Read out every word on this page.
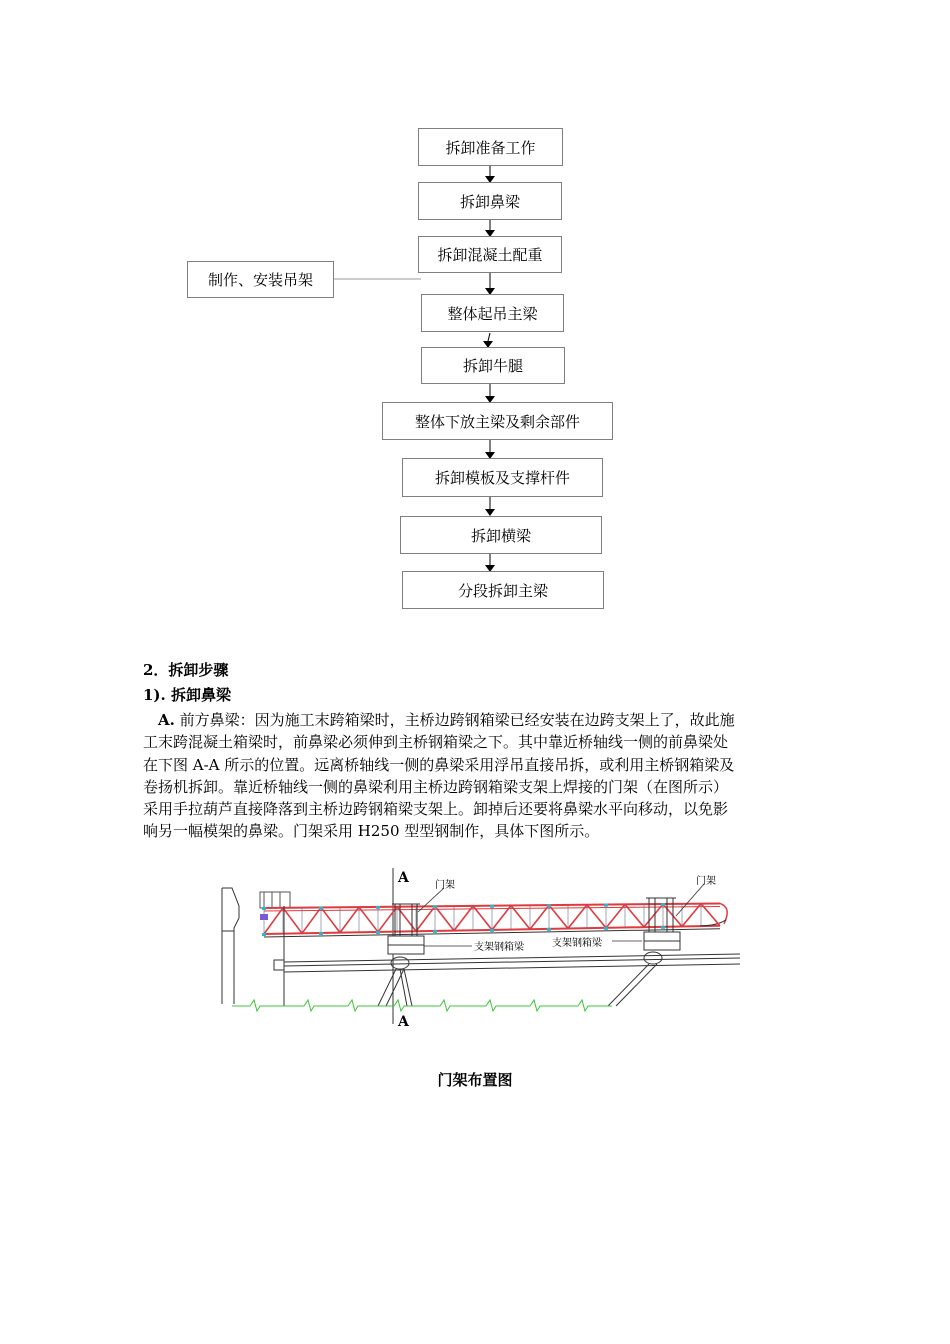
拆卸准备工作
拆卸鼻梁
拆卸混凝土配重
制作、安装吊架
整体起吊主梁
拆卸牛腿
整体下放主梁及剩余部件
拆卸模板及支撑杆件
拆卸横梁
分段拆卸主梁
2．拆卸步骤
1). 拆卸鼻梁
 A. 前方鼻梁：因为施工末跨箱梁时，主桥边跨钢箱梁已经安装在边跨支架上了，故此施
工末跨混凝土箱梁时，前鼻梁必须伸到主桥钢箱梁之下。其中靠近桥轴线一侧的前鼻梁处
在下图 A-A 所示的位置。远离桥轴线一侧的鼻梁采用浮吊直接吊拆，或利用主桥钢箱梁及
卷扬机拆卸。靠近桥轴线一侧的鼻梁利用主桥边跨钢箱梁支架上焊接的门架（在图所示）
采用手拉葫芦直接降落到主桥边跨钢箱梁支架上。卸掉后还要将鼻梁水平向移动，以免影
响另一幅模架的鼻梁。门架采用 H250 型型钢制作，具体下图所示。
A
A
门架	门架
支架钢箱梁	支架钢箱梁
门架布置图
